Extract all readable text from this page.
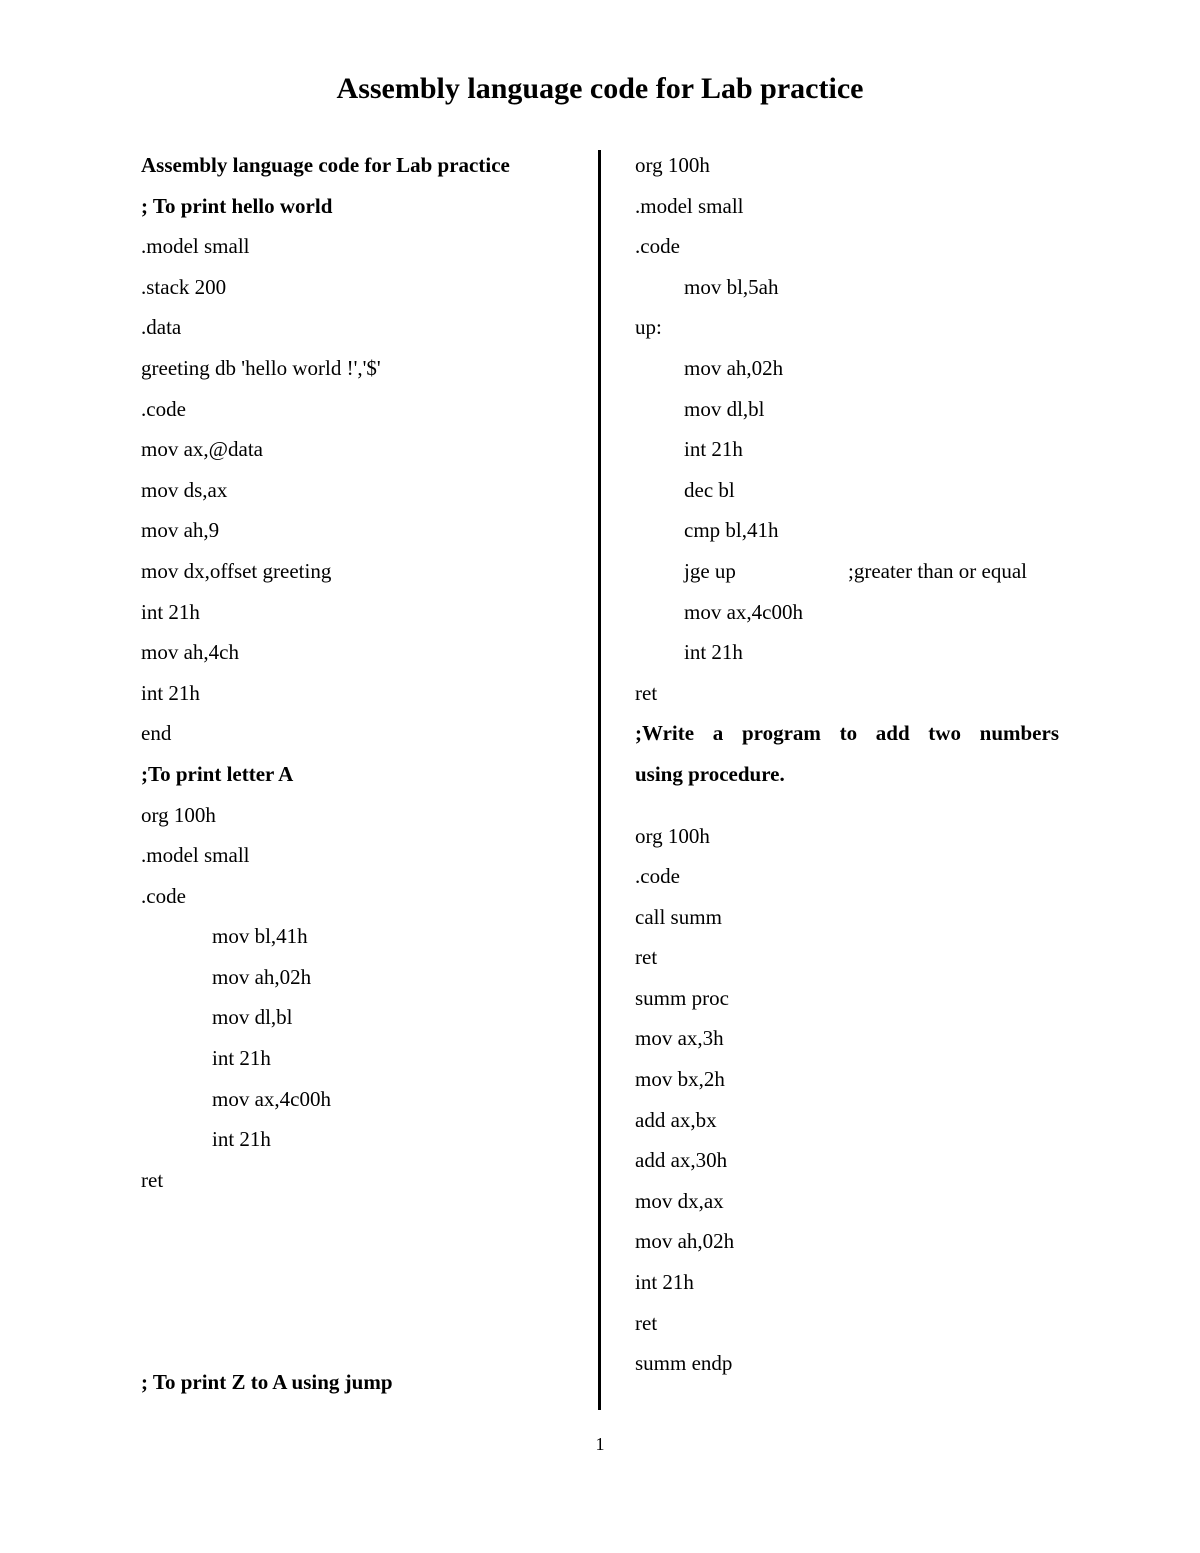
Assembly language code for Lab practice
Assembly language code for Lab practice
; To print hello world
.model small
.stack 200
.data
greeting db 'hello world !','$'
.code
mov ax,@data
mov ds,ax
mov ah,9
mov dx,offset greeting
int 21h
mov ah,4ch
int 21h
end
;To print letter A
org 100h
.model small
.code
mov bl,41h
mov ah,02h
mov dl,bl
int 21h
mov ax,4c00h
int 21h
ret
; To print Z to A using jump
org 100h
.model small
.code
mov bl,5ah
up:
mov ah,02h
mov dl,bl
int 21h
dec bl
cmp bl,41h
jge up	;greater than or equal
mov ax,4c00h
int 21h
ret
;Write a program to add two numbers
using procedure.
org 100h
.code
call summ
ret
summ proc
mov ax,3h
mov bx,2h
add ax,bx
add ax,30h
mov dx,ax
mov ah,02h
int 21h
ret
summ endp
1
